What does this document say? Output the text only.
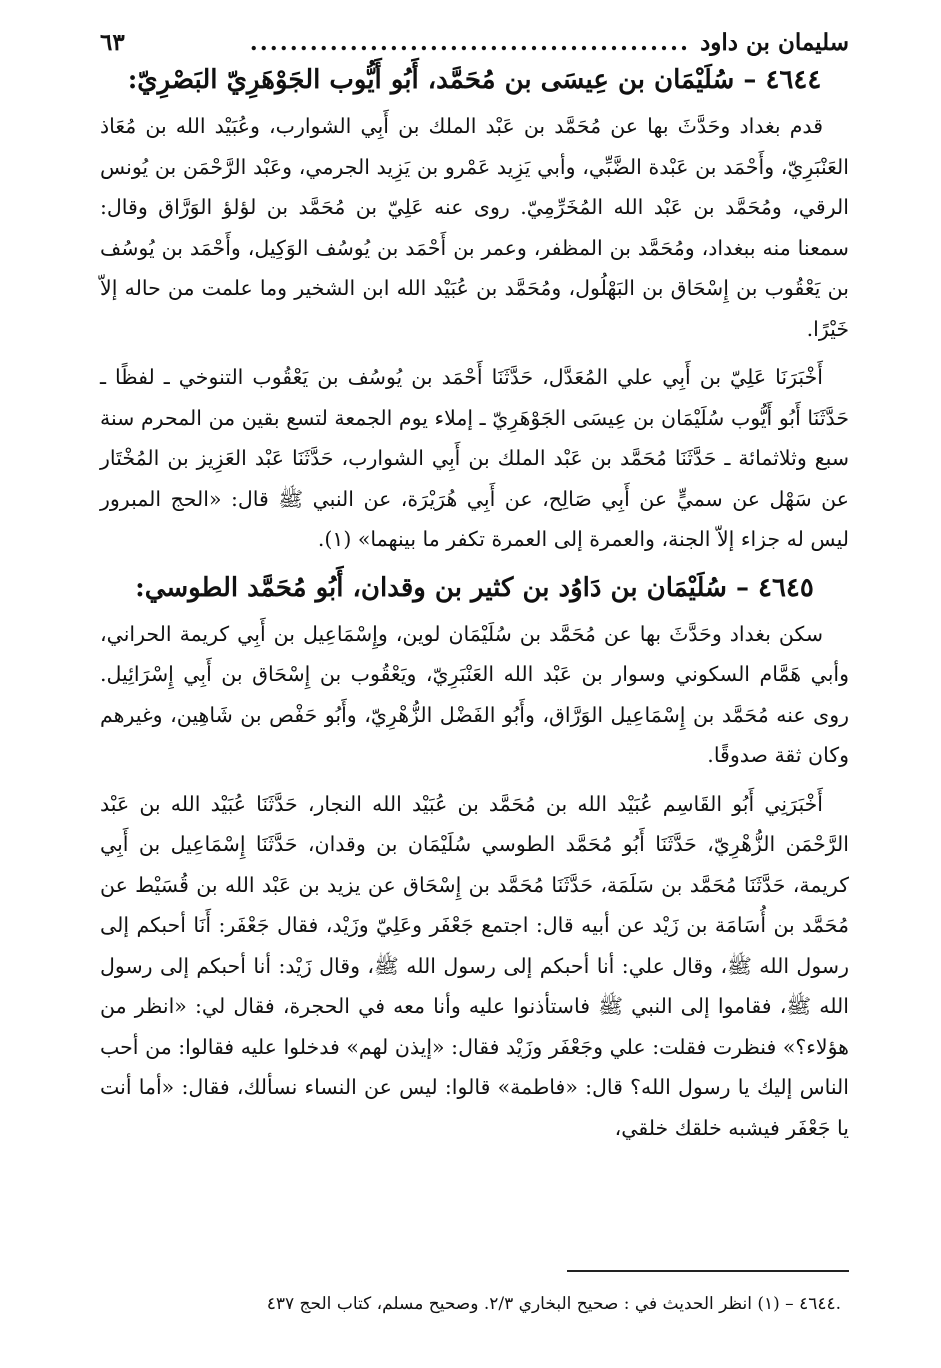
سليمان بن داود
............................................
٦٣
٤٦٤٤ – سُلَيْمَان بن عِيسَى بن مُحَمَّد، أَبُو أَيُّوب الجَوْهَرِيّ البَصْرِيّ:

قدم بغداد وحَدَّثَ بها عن مُحَمَّد بن عَبْد الملك بن أَبِي الشوارب، وعُبَيْد الله بن مُعَاذ العَنْبَرِيّ، وأَحْمَد بن عَبْدة الضَّبِّي، وأبي يَزِيد عَمْرو بن يَزِيد الجرمي، وعَبْد الرَّحْمَن بن يُونس الرقي، ومُحَمَّد بن عَبْد الله المُخَرِّمِيّ. روى عنه عَلِيّ بن مُحَمَّد بن لؤلؤ الوَرَّاق وقال: سمعنا منه ببغداد، ومُحَمَّد بن المظفر، وعمر بن أَحْمَد بن يُوسُف الوَكِيل، وأَحْمَد بن يُوسُف بن يَعْقُوب بن إِسْحَاق بن البَهْلُول، ومُحَمَّد بن عُبَيْد الله ابن الشخير وما علمت من حاله إلاّ خَيْرًا.

أَخْبَرَنَا عَلِيّ بن أَبِي علي المُعَدَّل، حَدَّثَنَا أَحْمَد بن يُوسُف بن يَعْقُوب التنوخي ـ لفظًا ـ حَدَّثَنَا أَبُو أَيُّوب سُلَيْمَان بن عِيسَى الجَوْهَرِيّ ـ إملاء يوم الجمعة لتسع بقين من المحرم سنة سبع وثلاثمائة ـ حَدَّثَنَا مُحَمَّد بن عَبْد الملك بن أَبِي الشوارب، حَدَّثَنَا عَبْد العَزِيز بن المُخْتَار عن سَهْل عن سميٍّ عن أَبِي صَالِح، عن أَبِي هُرَيْرَة، عن النبي ﷺ قال: «الحج المبرور ليس له جزاء إلاّ الجنة، والعمرة إلى العمرة تكفر ما بينهما» (١).

٤٦٤٥ – سُلَيْمَان بن دَاوُد بن كثير بن وقدان، أَبُو مُحَمَّد الطوسي:

سكن بغداد وحَدَّثَ بها عن مُحَمَّد بن سُلَيْمَان لوين، وإِسْمَاعِيل بن أَبِي كريمة الحراني، وأبي هَمَّام السكوني وسوار بن عَبْد الله العَنْبَرِيّ، ويَعْقُوب بن إِسْحَاق بن أَبِي إِسْرَائِيل. روى عنه مُحَمَّد بن إِسْمَاعِيل الوَرَّاق، وأَبُو الفَضْل الزُّهْرِيّ، وأَبُو حَفْص بن شَاهِين، وغيرهم وكان ثقة صدوقًا.

أَخْبَرَنِي أَبُو القَاسِم عُبَيْد الله بن مُحَمَّد بن عُبَيْد الله النجار، حَدَّثَنَا عُبَيْد الله بن عَبْد الرَّحْمَن الزُّهْرِيّ، حَدَّثَنَا أَبُو مُحَمَّد الطوسي سُلَيْمَان بن وقدان، حَدَّثَنَا إِسْمَاعِيل بن أَبِي كريمة، حَدَّثَنَا مُحَمَّد بن سَلَمَة، حَدَّثَنَا مُحَمَّد بن إِسْحَاق عن يزيد بن عَبْد الله بن قُسَيْط عن مُحَمَّد بن أُسَامَة بن زَيْد عن أبيه قال: اجتمع جَعْفَر وعَلِيّ وزَيْد، فقال جَعْفَر: أَنَا أحبكم إلى رسول الله ﷺ، وقال علي: أنا أحبكم إلى رسول الله ﷺ، وقال زَيْد: أنا أحبكم إلى رسول الله ﷺ، فقاموا إلى النبي ﷺ فاستأذنوا عليه وأنا معه في الحجرة، فقال لي: «انظر من هؤلاء؟» فنظرت فقلت: علي وجَعْفَر وزَيْد فقال: «إيذن لهم» فدخلوا عليه فقالوا: من أحب الناس إليك يا رسول الله؟ قال: «فاطمة» قالوا: ليس عن النساء نسألك، فقال: «أما أنت يا جَعْفَر فيشبه خلقك خلقي،

٤٦٤٤ – (١) انظر الحديث في : صحيح البخاري ٢/٣. وصحيح مسلم، كتاب الحج ٤٣٧.
